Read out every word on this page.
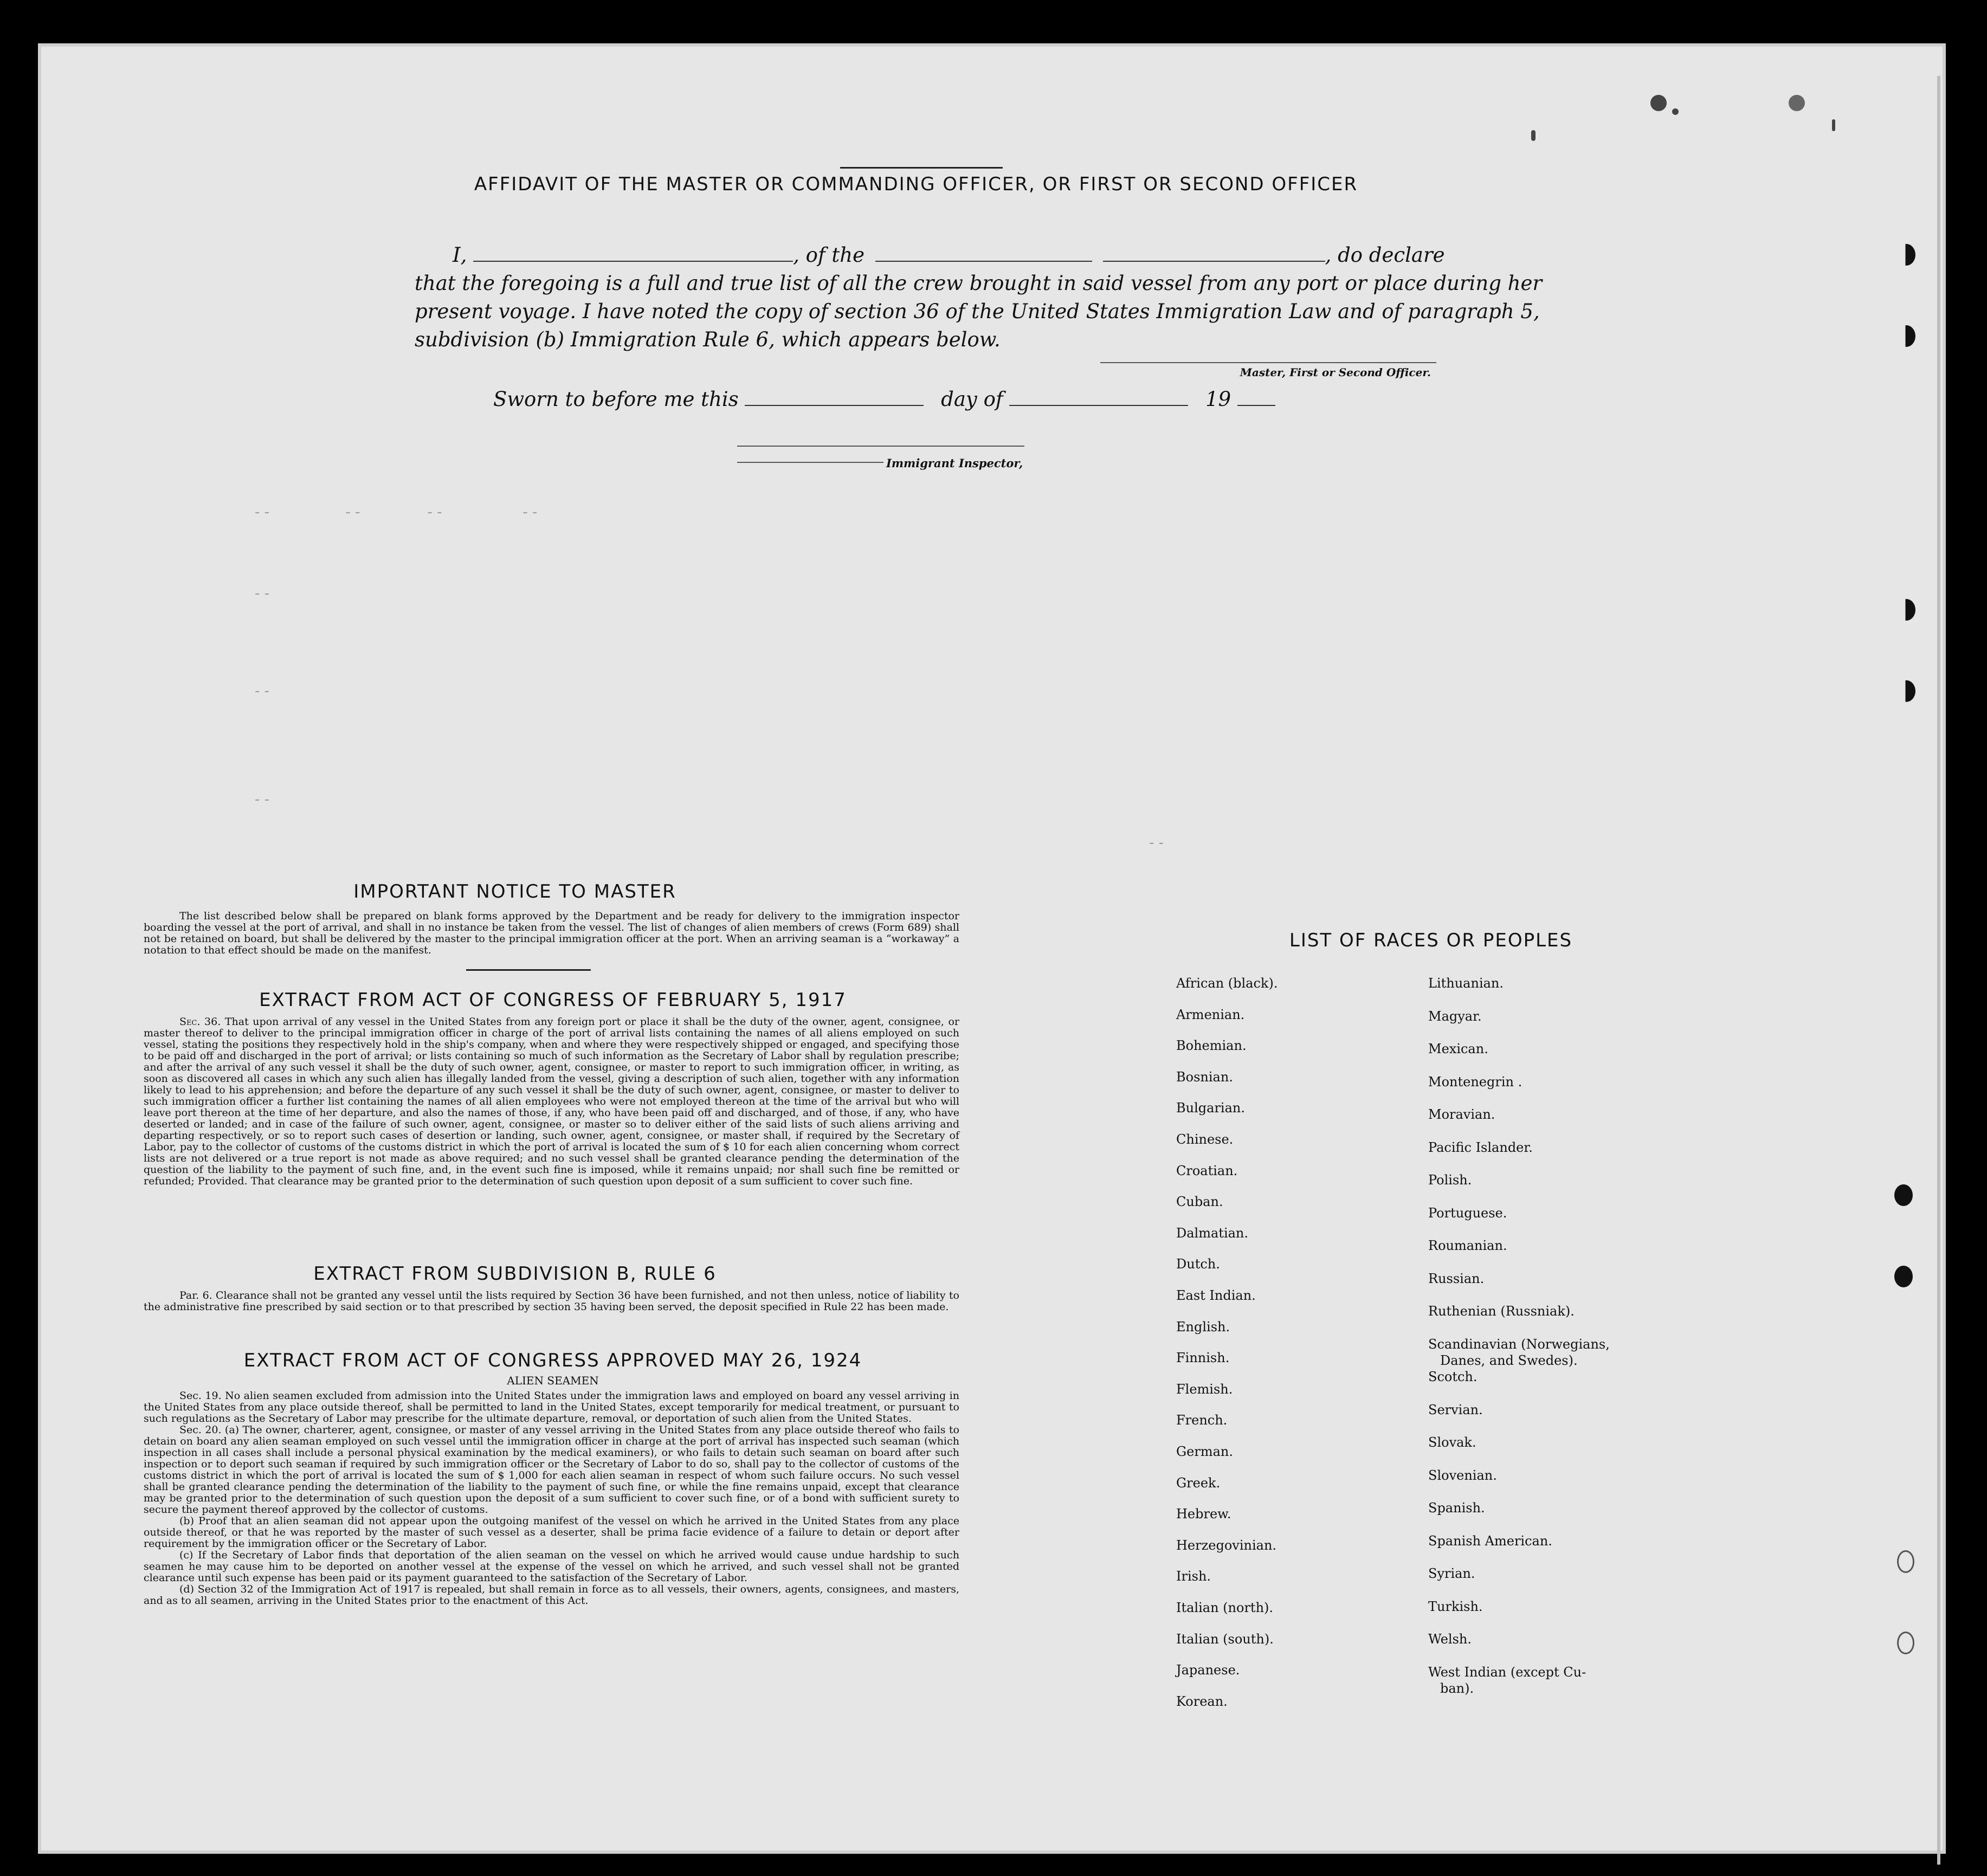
AFFIDAVIT OF THE MASTER OR COMMANDING OFFICER, OR FIRST OR SECOND OFFICER
I,	, of the	, do declare
that the foregoing is a full and true list of all the crew brought in said vessel from any port or place during her
present voyage. I have noted the copy of section 36 of the United States Immigration Law and of paragraph 5,
subdivision (b) Immigration Rule 6, which appears below.
Master, First or Second Officer.
Sworn to before me this	day of	19
Immigrant Inspector,
- -                 - -               - -                  - -
- -
- -
- -
- -
IMPORTANT NOTICE TO MASTER

The list described below shall be prepared on blank forms approved by the Department and be ready for delivery to the immigration inspector boarding the vessel at the port of arrival, and shall in no instance be taken from the vessel. The list of changes of alien members of crews (Form 689) shall not be retained on board, but shall be delivered by the master to the principal immigration officer at the port. When an arriving seaman is a “workaway” a notation to that effect should be made on the manifest.

EXTRACT FROM ACT OF CONGRESS OF FEBRUARY 5, 1917

Sec. 36. That upon arrival of any vessel in the United States from any foreign port or place it shall be the duty of the owner, agent, consignee, or master thereof to deliver to the principal immigration officer in charge of the port of arrival lists containing the names of all aliens employed on such vessel, stating the positions they respectively hold in the ship's company, when and where they were respectively shipped or engaged, and specifying those to be paid off and discharged in the port of arrival; or lists containing so much of such information as the Secretary of Labor shall by regulation prescribe; and after the arrival of any such vessel it shall be the duty of such owner, agent, consignee, or master to report to such immigration officer, in writing, as soon as discovered all cases in which any such alien has illegally landed from the vessel, giving a description of such alien, together with any information likely to lead to his apprehension; and before the departure of any such vessel it shall be the duty of such owner, agent, consignee, or master to deliver to such immigration officer a further list containing the names of all alien employees who were not employed thereon at the time of the arrival but who will leave port thereon at the time of her departure, and also the names of those, if any, who have been paid off and discharged, and of those, if any, who have deserted or landed; and in case of the failure of such owner, agent, consignee, or master so to deliver either of the said lists of such aliens arriving and departing respectively, or so to report such cases of desertion or landing, such owner, agent, consignee, or master shall, if required by the Secretary of Labor, pay to the collector of customs of the customs district in which the port of arrival is located the sum of $ 10 for each alien concerning whom correct lists are not delivered or a true report is not made as above required; and no such vessel shall be granted clearance pending the determination of the question of the liability to the payment of such fine, and, in the event such fine is imposed, while it remains unpaid; nor shall such fine be remitted or refunded; Provided. That clearance may be granted prior to the determination of such question upon deposit of a sum sufficient to cover such fine.

EXTRACT FROM SUBDIVISION B, RULE 6

Par. 6. Clearance shall not be granted any vessel until the lists required by Section 36 have been furnished, and not then unless, notice of liability to the administrative fine prescribed by said section or to that prescribed by section 35 having been served, the deposit specified in Rule 22 has been made.

EXTRACT FROM ACT OF CONGRESS APPROVED MAY 26, 1924
ALIEN SEAMEN

Sec. 19. No alien seamen excluded from admission into the United States under the immigration laws and employed on board any vessel arriving in the United States from any place outside thereof, shall be permitted to land in the United States, except temporarily for medical treatment, or pursuant to such regulations as the Secretary of Labor may prescribe for the ultimate departure, removal, or deportation of such alien from the United States.

Sec. 20. (a) The owner, charterer, agent, consignee, or master of any vessel arriving in the United States from any place outside thereof who fails to detain on board any alien seaman employed on such vessel until the immigration officer in charge at the port of arrival has inspected such seaman (which inspection in all cases shall include a personal physical examination by the medical examiners), or who fails to detain such seaman on board after such inspection or to deport such seaman if required by such immigration officer or the Secretary of Labor to do so, shall pay to the collector of customs of the customs district in which the port of arrival is located the sum of $ 1,000 for each alien seaman in respect of whom such failure occurs. No such vessel shall be granted clearance pending the determination of the liability to the payment of such fine, or while the fine remains unpaid, except that clearance may be granted prior to the determination of such question upon the deposit of a sum sufficient to cover such fine, or of a bond with sufficient surety to secure the payment thereof approved by the collector of customs.

(b) Proof that an alien seaman did not appear upon the outgoing manifest of the vessel on which he arrived in the United States from any place outside thereof, or that he was reported by the master of such vessel as a deserter, shall be prima facie evidence of a failure to detain or deport after requirement by the immigration officer or the Secretary of Labor.

(c) If the Secretary of Labor finds that deportation of the alien seaman on the vessel on which he arrived would cause undue hardship to such seamen he may cause him to be deported on another vessel at the expense of the vessel on which he arrived, and such vessel shall not be granted clearance until such expense has been paid or its payment guaranteed to the satisfaction of the Secretary of Labor.

(d) Section 32 of the Immigration Act of 1917 is repealed, but shall remain in force as to all vessels, their owners, agents, consignees, and masters, and as to all seamen, arriving in the United States prior to the enactment of this Act.

LIST OF RACES OR PEOPLES
African (black).
Armenian.
Bohemian.
Bosnian.
Bulgarian.
Chinese.
Croatian.
Cuban.
Dalmatian.
Dutch.
East Indian.
English.
Finnish.
Flemish.
French.
German.
Greek.
Hebrew.
Herzegovinian.
Irish.
Italian (north).
Italian (south).
Japanese.
Korean.
Lithuanian.
Magyar.
Mexican.
Montenegrin .
Moravian.
Pacific Islander.
Polish.
Portuguese.
Roumanian.
Russian.
Ruthenian (Russniak).
Scandinavian (Norwegians,
Danes, and Swedes).
Scotch.
Servian.
Slovak.
Slovenian.
Spanish.
Spanish American.
Syrian.
Turkish.
Welsh.
West Indian (except Cu-
ban).
